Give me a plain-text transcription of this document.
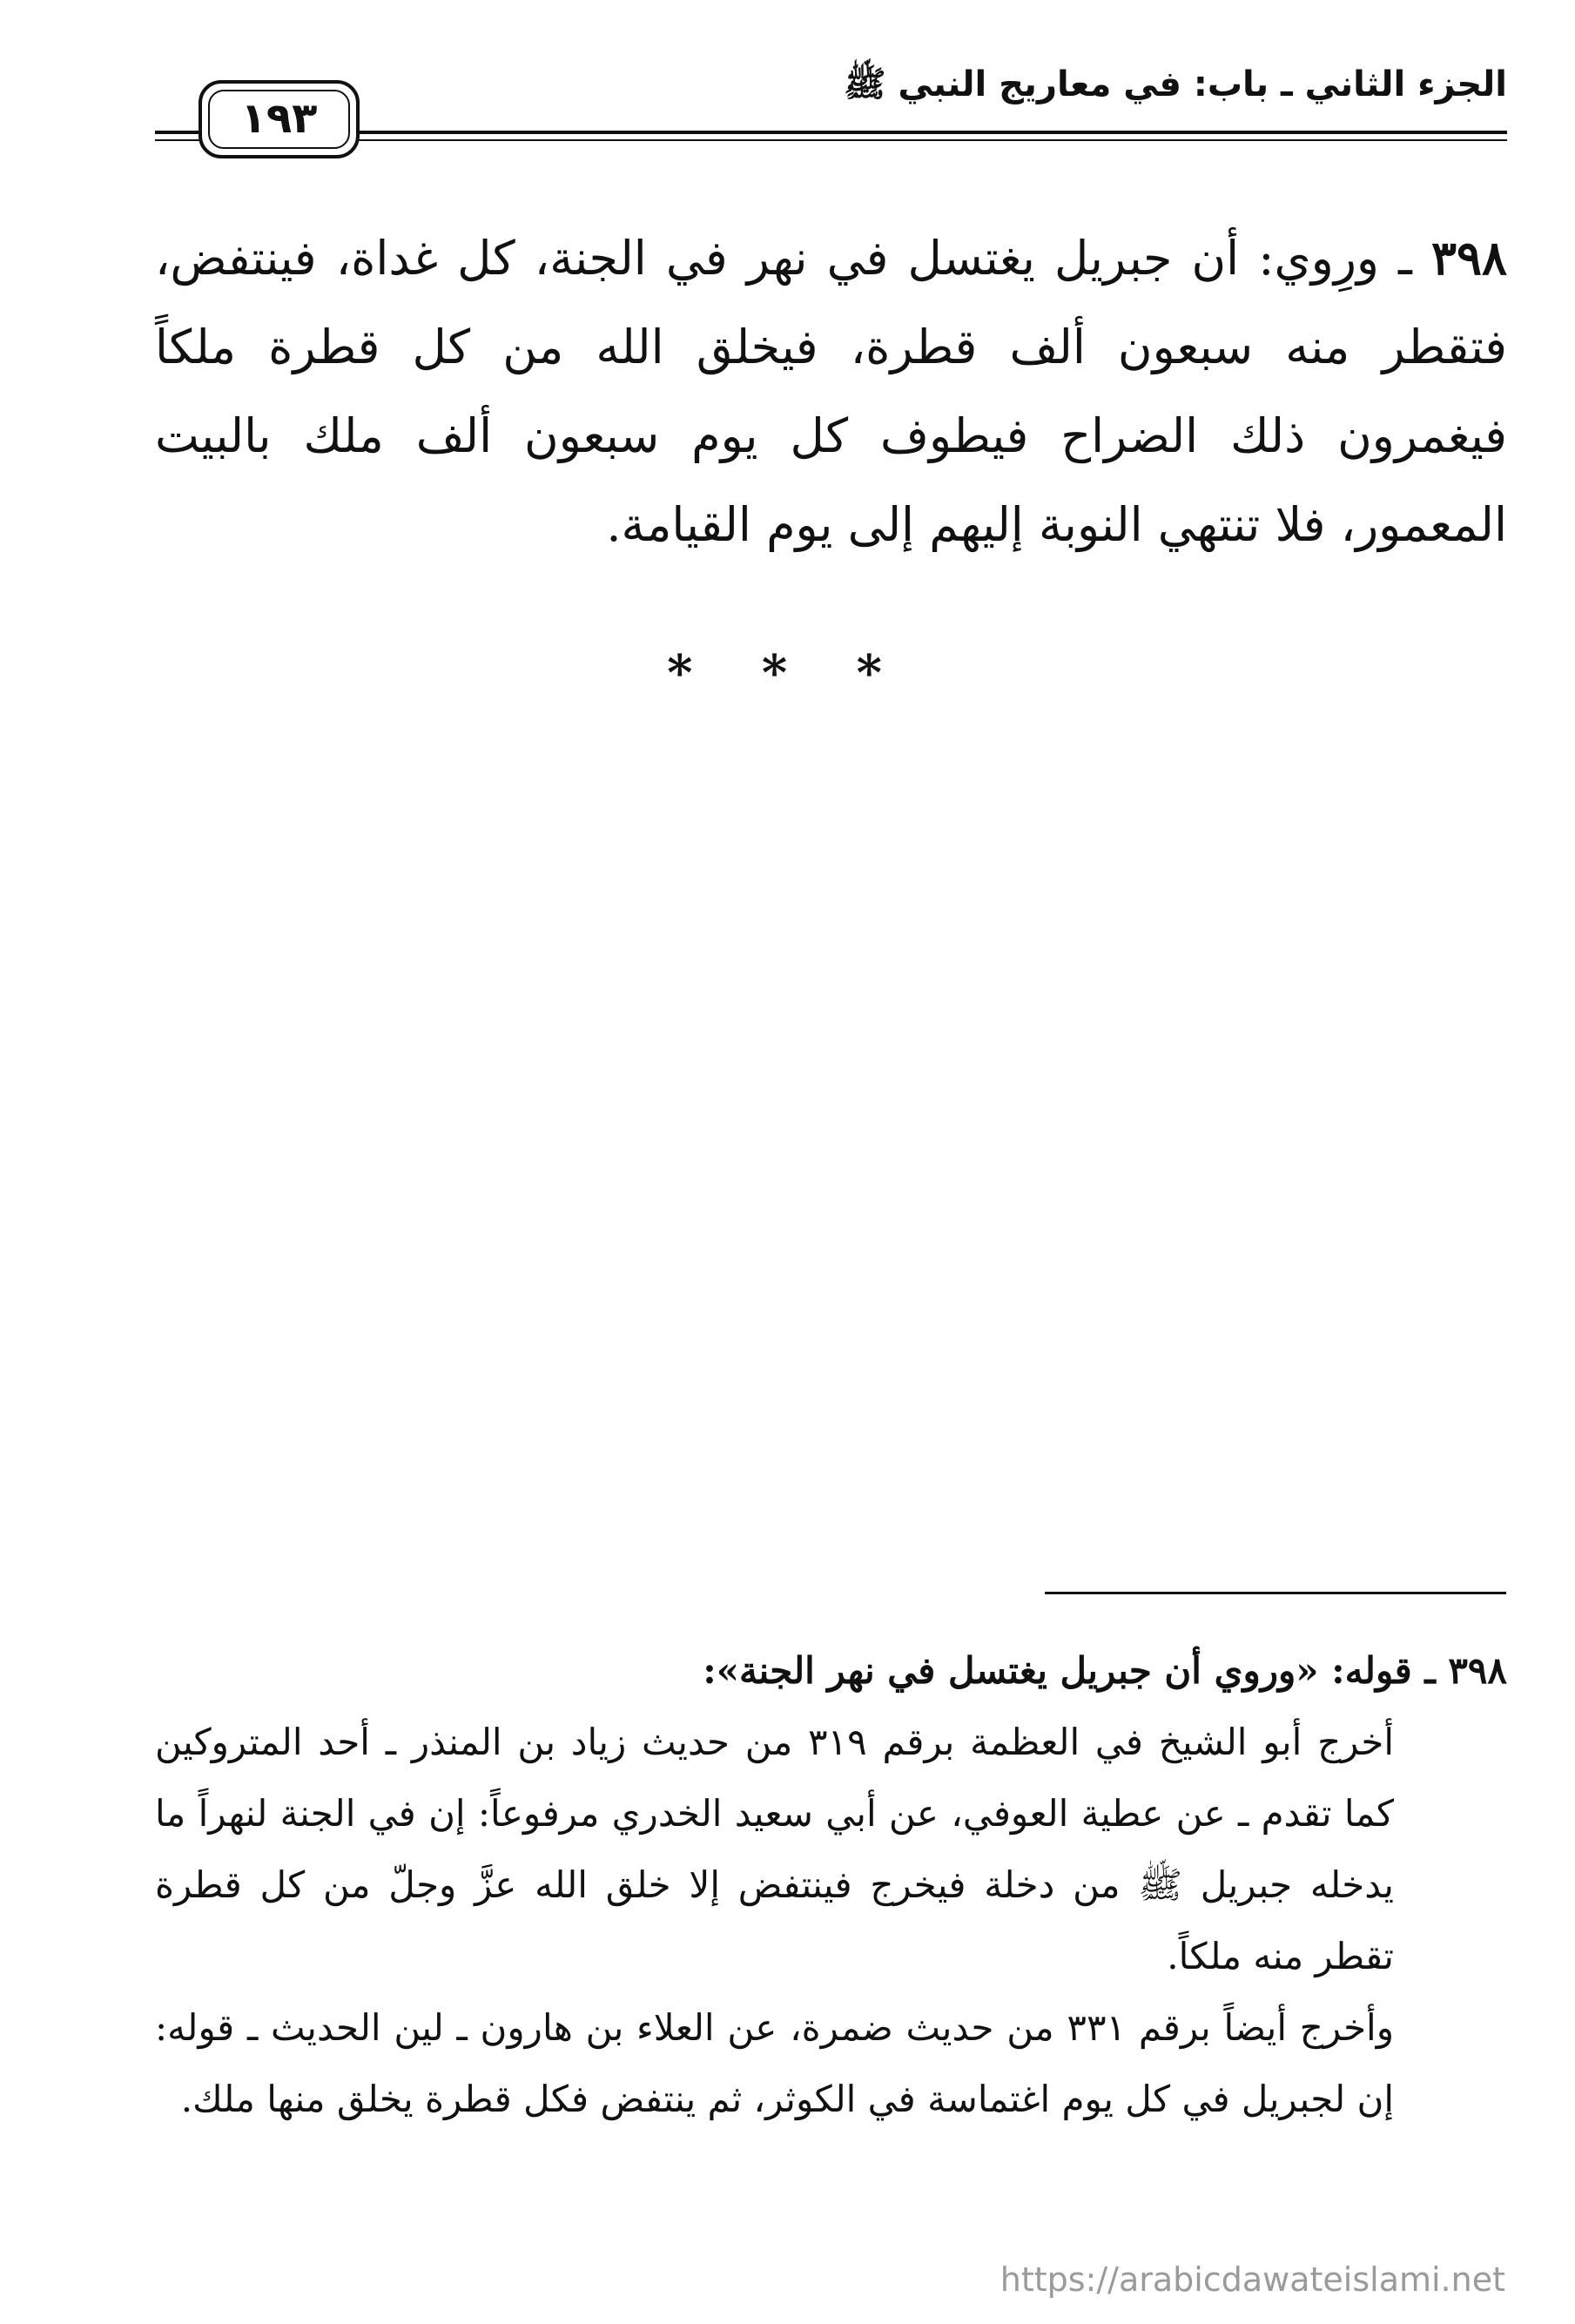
الجزء الثاني ـ باب: في معاريج النبي ﷺ
١٩٣
٣٩٨ ـ ورِوي: أن جبريل يغتسل في نهر في الجنة، كل غداة، فينتفض، فتقطر منه سبعون ألف قطرة، فيخلق الله من كل قطرة ملكاً فيغمرون ذلك الضراح فيطوف كل يوم سبعون ألف ملك بالبيت المعمور، فلا تنتهي النوبة إليهم إلى يوم القيامة.
* * *

٣٩٨ ـ قوله: «وروي أن جبريل يغتسل في نهر الجنة»:

أخرج أبو الشيخ في العظمة برقم ٣١٩ من حديث زياد بن المنذر ـ أحد المتروكين كما تقدم ـ عن عطية العوفي، عن أبي سعيد الخدري مرفوعاً: إن في الجنة لنهراً ما يدخله جبريل ﷺ من دخلة فيخرج فينتفض إلا خلق الله عزَّ وجلّ من كل قطرة تقطر منه ملكاً.

وأخرج أيضاً برقم ٣٣١ من حديث ضمرة، عن العلاء بن هارون ـ لين الحديث ـ قوله: إن لجبريل في كل يوم اغتماسة في الكوثر، ثم ينتفض فكل قطرة يخلق منها ملك.

https://arabicdawateislami.net
